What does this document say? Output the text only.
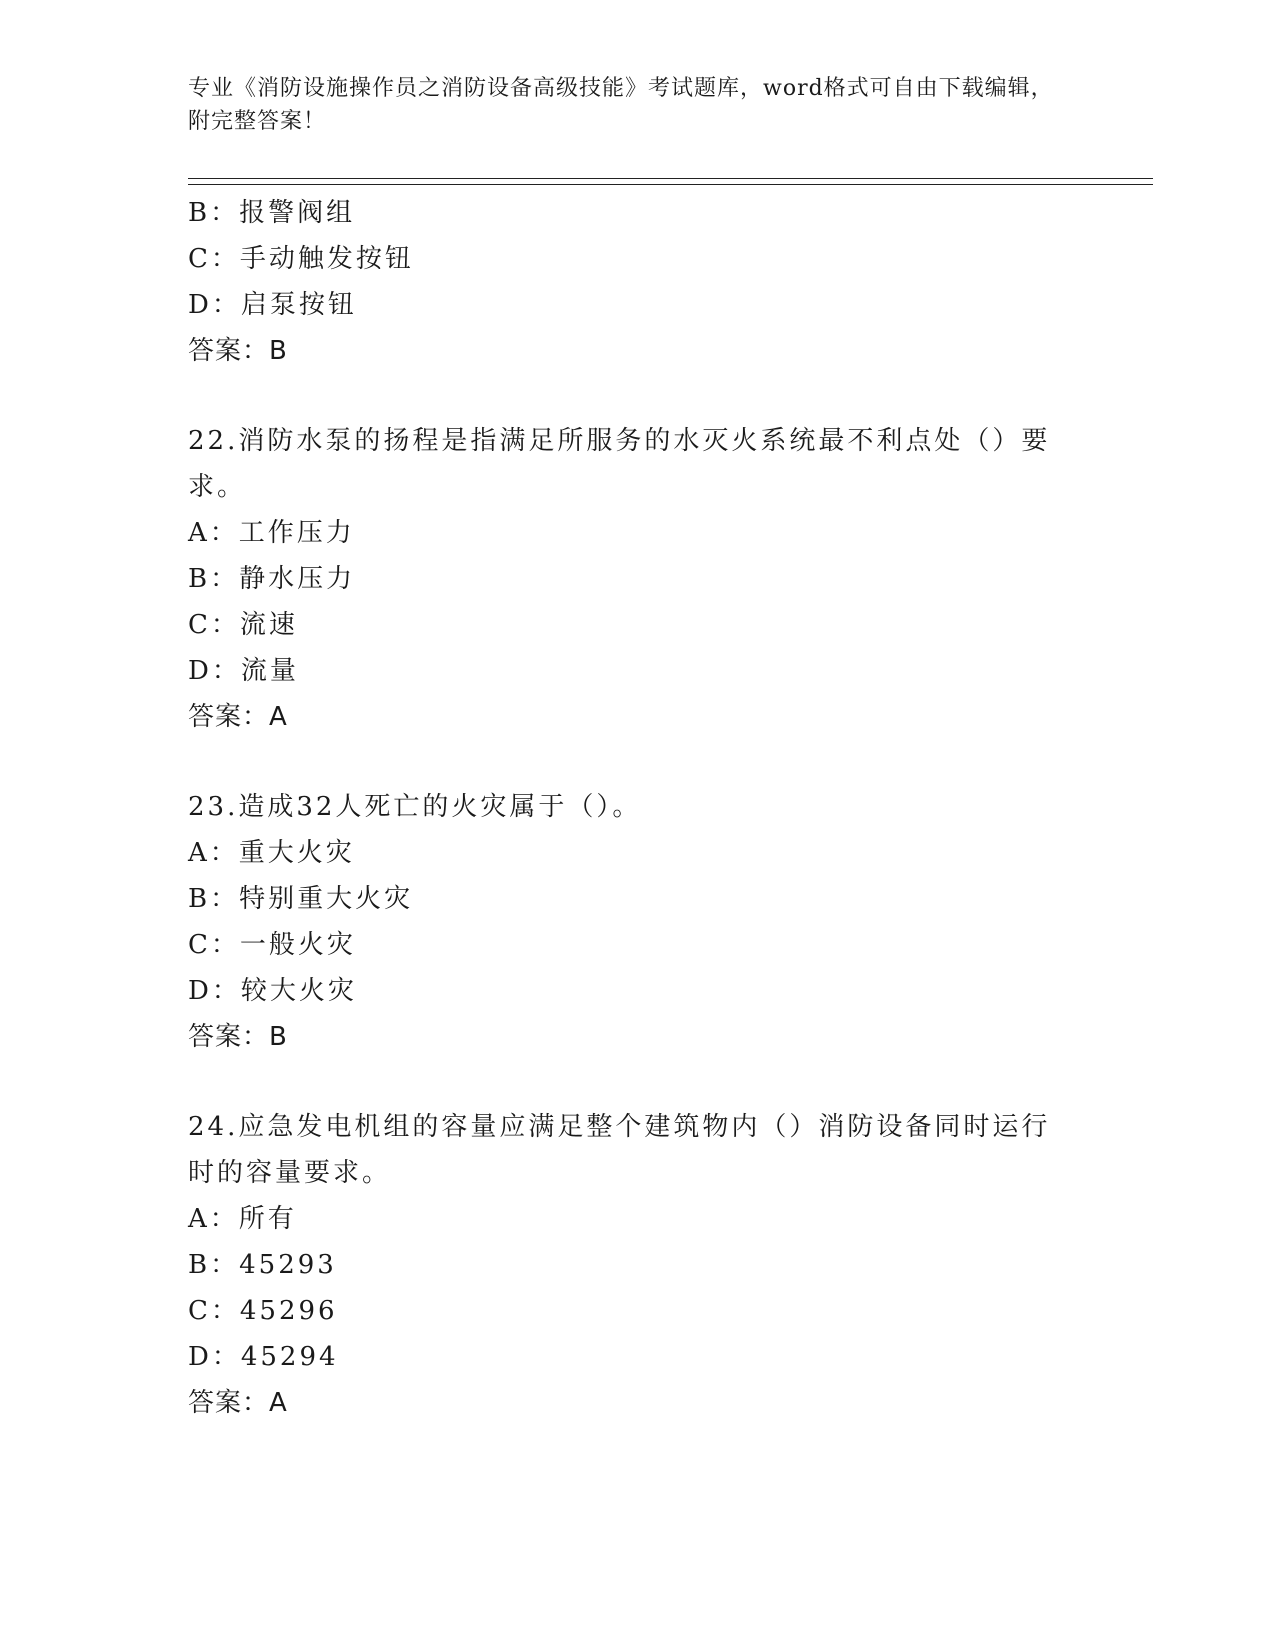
专业《消防设施操作员之消防设备高级技能》考试题库，word格式可自由下载编辑，附完整答案！
B：报警阀组
C：手动触发按钮
D：启泵按钮
答案：B
22.消防水泵的扬程是指满足所服务的水灭火系统最不利点处（）要求。
A：工作压力
B：静水压力
C：流速
D：流量
答案：A
23.造成32人死亡的火灾属于（）。
A：重大火灾
B：特别重大火灾
C：一般火灾
D：较大火灾
答案：B
24.应急发电机组的容量应满足整个建筑物内（）消防设备同时运行时的容量要求。
A：所有
B：45293
C：45296
D：45294
答案：A
